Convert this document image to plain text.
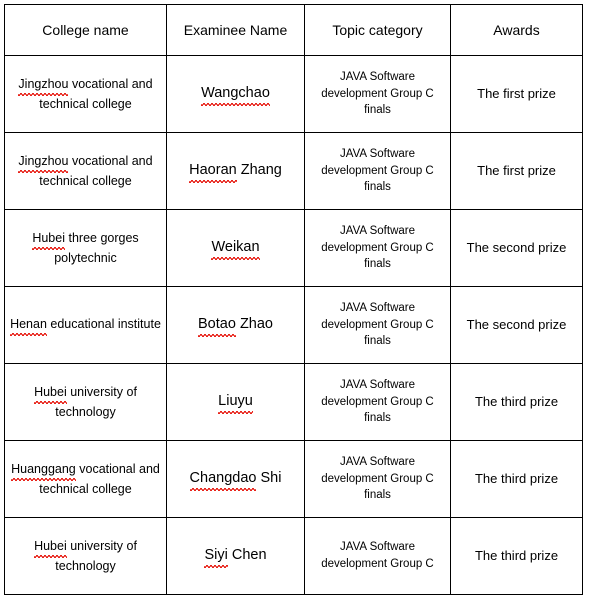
College name	Examinee Name	Topic category	Awards

Jingzhou vocational and technical college	Wangchao	JAVA Software development Group C finals	The first prize

Jingzhou vocational and technical college	Haoran Zhang	JAVA Software development Group C finals	The first prize

Hubei three gorges polytechnic	Weikan	JAVA Software development Group C finals	The second prize

Henan educational institute	Botao Zhao	JAVA Software development Group C finals	The second prize

Hubei university of technology	Liuyu	JAVA Software development Group C finals	The third prize

Huanggang vocational and technical college	Changdao Shi	JAVA Software development Group C finals	The third prize

Hubei university of technology	Siyi Chen	JAVA Software development Group C	The third prize
